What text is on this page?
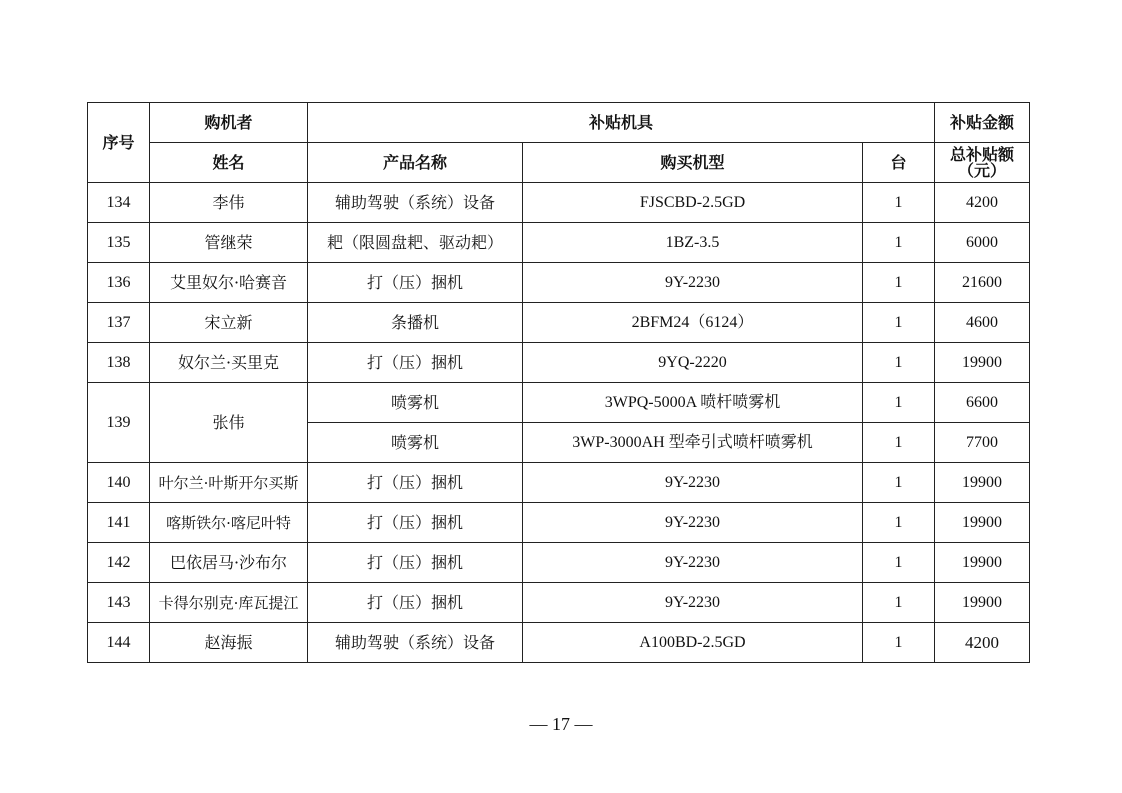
序号	购机者	补贴机具			补贴金额
	姓名	产品名称	购买机型	台	总补贴额（元）
134	李伟	辅助驾驶（系统）设备	FJSCBD-2.5GD	1	4200
135	管继荣	耙（限圆盘耙、驱动耙）	1BZ-3.5	1	6000
136	艾里奴尔·哈赛音	打（压）捆机	9Y-2230	1	21600
137	宋立新	条播机	2BFM24（6124）	1	4600
138	奴尔兰·买里克	打（压）捆机	9YQ-2220	1	19900
139	张伟	喷雾机	3WPQ-5000A 喷杆喷雾机	1	6600
		喷雾机	3WP-3000AH 型牵引式喷杆喷雾机	1	7700
140	叶尔兰·叶斯开尔买斯	打（压）捆机	9Y-2230	1	19900
141	喀斯铁尔·喀尼叶特	打（压）捆机	9Y-2230	1	19900
142	巴依居马·沙布尔	打（压）捆机	9Y-2230	1	19900
143	卡得尔别克·库瓦提江	打（压）捆机	9Y-2230	1	19900
144	赵海振	辅助驾驶（系统）设备	A100BD-2.5GD	1	4200
— 17 —
